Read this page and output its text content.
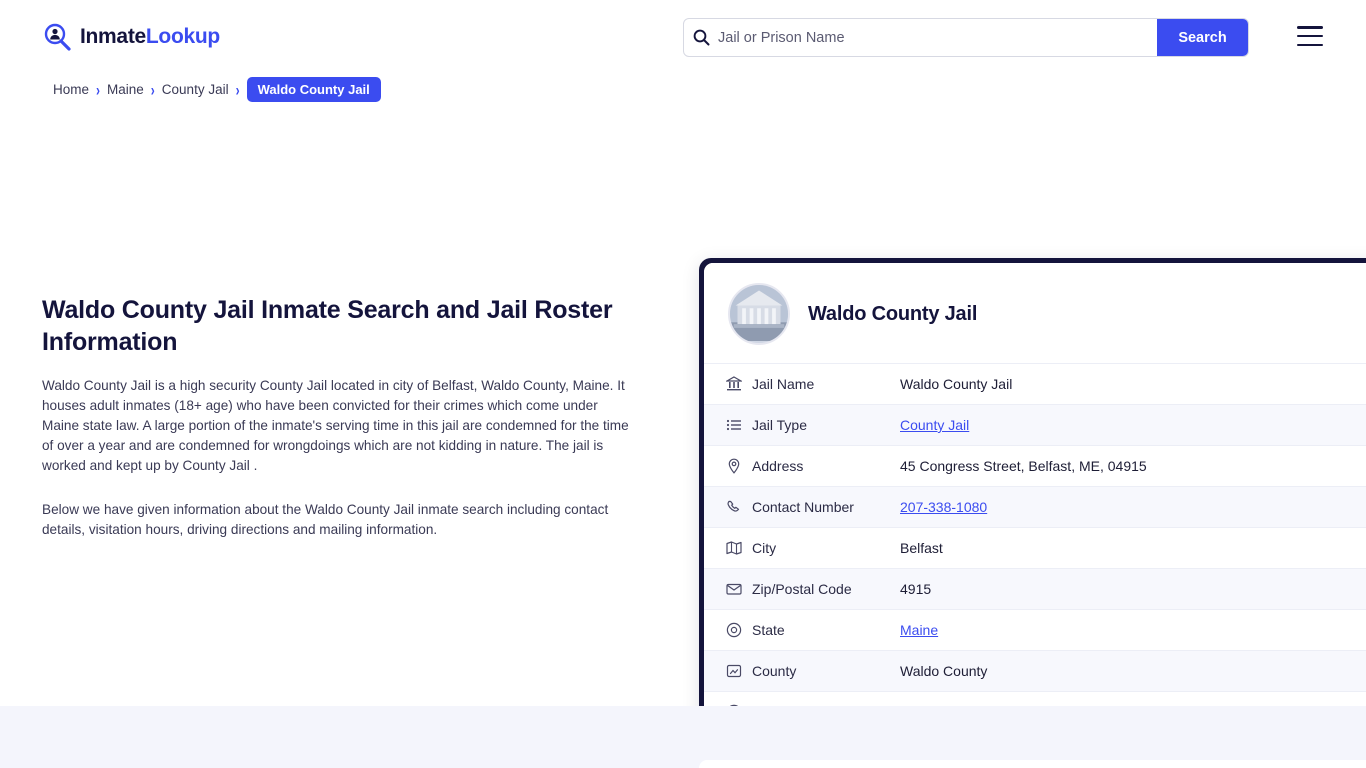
InmateLookup
Jail or Prison Name	Search
Home › Maine › County Jail ›	Waldo County Jail
Waldo County Jail Inmate Search and Jail Roster Information

Waldo County Jail is a high security County Jail located in city of Belfast, Waldo County, Maine. It houses adult inmates (18+ age) who have been convicted for their crimes which come under Maine state law. A large portion of the inmate's serving time in this jail are condemned for the time of over a year and are condemned for wrongdoings which are not kidding in nature. The jail is worked and kept up by County Jail .

Below we have given information about the Waldo County Jail inmate search including contact details, visitation hours, driving directions and mailing information.

Waldo County Jail
Jail Name	Waldo County Jail
Jail Type	County Jail
Address	45 Congress Street, Belfast, ME, 04915
Contact Number	207-338-1080
City	Belfast
Zip/Postal Code	4915
State	Maine
County	Waldo County
